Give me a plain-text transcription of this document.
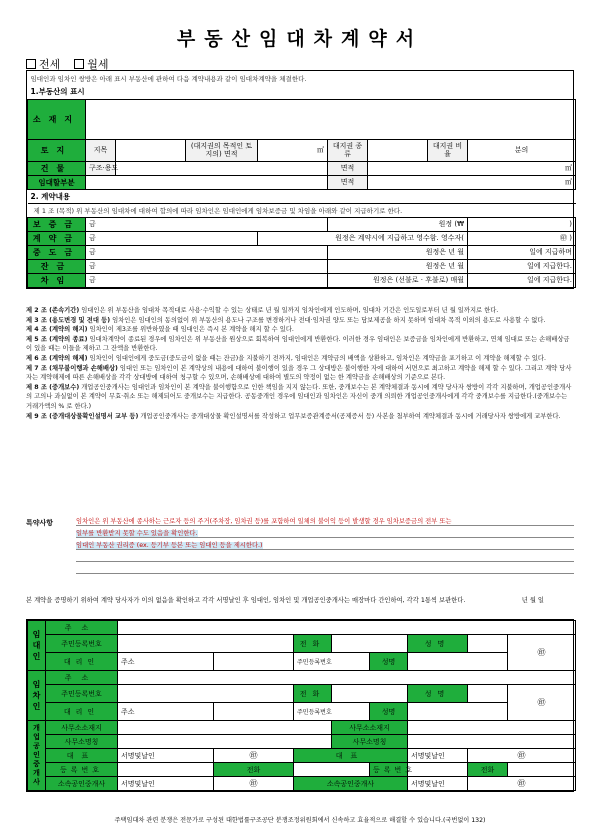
부동산임대차계약서
전세	월세
임대인과 임차인 쌍방은 아래 표시 부동산에 관하여 다음 계약내용과 같이 임대차계약을 체결한다.								
1.부동산의 표시								
소재지								
토지	지목		(대지권의 목적인 토지의) 면적	㎡	대지권 종류		대지권 비율	분의
건물	구조·용도				면적	㎡		
임대할부분					면적	㎡		
2. 계약내용								
제 1 조 (목적) 위 부동산의 임대차에 대하여 합의에 따라 임차인은 임대인에게 임차보증금 및 차임을 아래와 같이 지급하기로 한다.								
보증금	금				원정 (₩			)
계약금	금			원정은 계약시에 지급하고 영수함. 영수자(				㊞ )
중도금	금				원정은 년 월			일에 지급하며
잔금	금				원정은 년 월			일에 지급한다.
차임	금				원정은 (선불로 · 후불로) 매월			일에 지급한다.

제 2 조 (존속기간) 임대인은 위 부동산을 임대차 목적대로 사용·수익할 수 있는 상태로 년 월 일까지 임차인에게 인도하며, 임대차 기간은 인도일로부터 년 월 일까지로 한다.

제 3 조 (용도변경 및 전대 등) 임차인은 임대인의 동의없이 위 부동산의 용도나 구조를 변경하거나 전대·임차권 양도 또는 담보제공을 하지 못하며 임대차 목적 이외의 용도로 사용할 수 없다.

제 4 조 (계약의 해지) 임차인이 제3조를 위반하였을 때 임대인은 즉시 본 계약을 해지 할 수 있다.

제 5 조 (계약의 종료) 임대차계약이 종료된 경우에 임차인은 위 부동산을 원상으로 회복하여 임대인에게 반환한다. 이러한 경우 임대인은 보증금을 임차인에게 반환하고, 연체 임대료 또는 손해배상금이 있을 때는 이들을 제하고 그 잔액을 반환한다.

제 6 조 (계약의 해제) 임차인이 임대인에게 중도금(중도금이 없을 때는 잔금)을 지불하기 전까지, 임대인은 계약금의 배액을 상환하고, 임차인은 계약금을 포기하고 이 계약을 해제할 수 있다.

제 7 조 (채무불이행과 손해배상) 임대인 또는 임차인이 본 계약상의 내용에 대하여 불이행이 있을 경우 그 상대방은 불이행한 자에 대하여 서면으로 최고하고 계약을 해제 할 수 있다. 그리고 계약 당사자는 계약해제에 따른 손해배상을 각각 상대방에 대하여 청구할 수 있으며, 손해배상에 대하여 별도의 약정이 없는 한 계약금을 손해배상의 기준으로 본다.

제 8 조 (중개보수) 개업공인중개사는 임대인과 임차인이 본 계약을 불이행함으로 인한 책임을 지지 않는다. 또한, 중개보수는 본 계약체결과 동시에 계약 당사자 쌍방이 각각 지불하며, 개업공인중개사의 고의나 과실없이 본 계약이 무효·취소 또는 해제되어도 중개보수는 지급한다. 공동중개인 경우에 임대인과 임차인은 자신이 중개 의뢰한 개업공인중개사에게 각각 중개보수를 지급한다.(중개보수는 거래가액의 % 로 한다.)

제 9 조 (중개대상물확인설명서 교부 등) 개업공인중개사는 중개대상물 확인설명서를 작성하고 업무보증관계증서(공제증서 등) 사본을 첨부하여 계약체결과 동시에 거래당사자 쌍방에게 교부한다.

특약사항	임차인은 위 부동산에 종사하는 근로자 등의 주거(주차장, 임차권 등)를 포함하여 일체의 불이익 등이 발생할 경우 임차보증금의 전부 또는
일부를 반환받지 못할 수도 있음을 확인한다.
임대인 부동산 권리증 (ex. 등기부 등본 또는 임대인 등을 제시한다.)
본 계약을 증명하기 위하여 계약 당사자가 이의 없음을 확인하고 각각 서명날인 후 임대인, 임차인 및 개업공인중개사는 매장마다 간인하여, 각각 1통씩 보관한다.	년 월 일
임대인	주소								
	주민등록번호			전화			성명		㊞
	대리인	주소		주민등록번호		성명			
임차인	주소								
	주민등록번호			전화			성명		㊞
	대리인	주소		주민등록번호		성명			
개업공인중개사	사무소소재지				사무소소재지				
	사무소명칭				사무소명칭				
	대표	서명및날인	㊞	대표			서명및날인	㊞	
	등록번호		전화			등록번호		전화	
	소속공인중개사	서명및날인	㊞	소속공인중개사			서명및날인	㊞	
주택임대차 관련 분쟁은 전문가로 구성된 대한법률구조공단 분쟁조정위원회에서 신속하고 효율적으로 해결할 수 있습니다.(국번없이 132)
